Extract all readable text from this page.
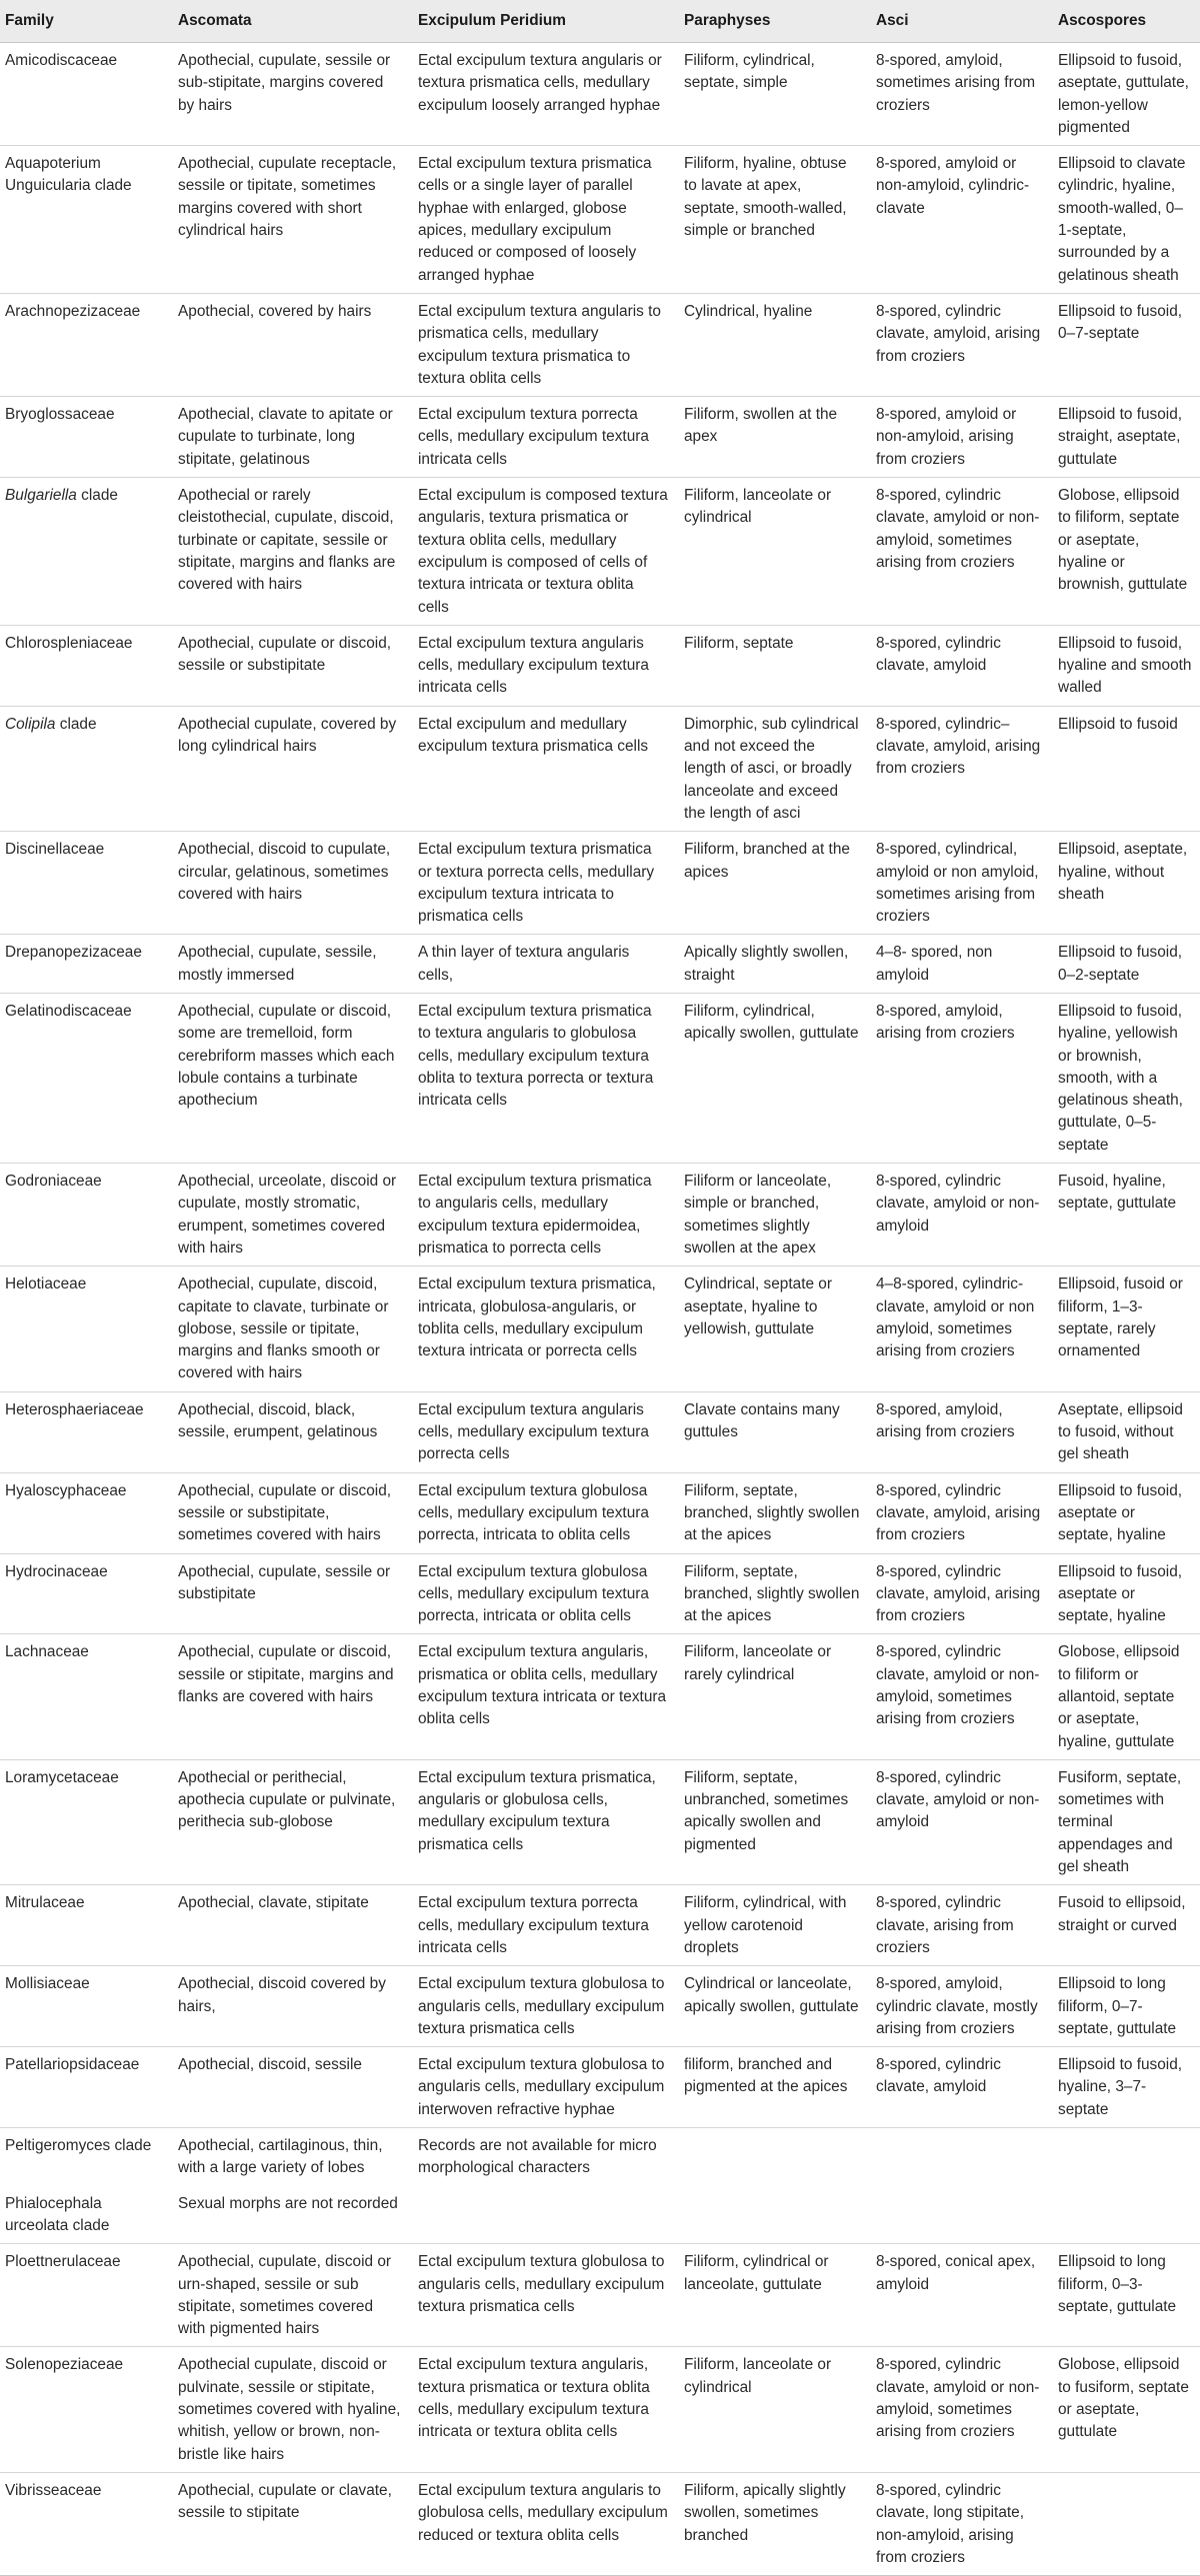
Family	Ascomata	Excipulum Peridium	Paraphyses	Asci	Ascospores
Amicodiscaceae	Apothecial, cupulate, sessile or sub-stipitate, margins covered by hairs	Ectal excipulum textura angularis or textura prismatica cells, medullary excipulum loosely arranged hyphae	Filiform, cylindrical, septate, simple	8-spored, amyloid, sometimes arising from croziers	Ellipsoid to fusoid, aseptate, guttulate, lemon-yellow pigmented
Aquapoterium Unguicularia clade	Apothecial, cupulate receptacle, sessile or tipitate, sometimes margins covered with short cylindrical hairs	Ectal excipulum textura prismatica cells or a single layer of parallel hyphae with enlarged, globose apices, medullary excipulum reduced or composed of loosely arranged hyphae	Filiform, hyaline, obtuse to lavate at apex, septate, smooth-walled, simple or branched	8-spored, amyloid or non-amyloid, cylindric-clavate	Ellipsoid to clavate cylindric, hyaline, smooth-walled, 0–1-septate, surrounded by a gelatinous sheath
Arachnopezizaceae	Apothecial, covered by hairs	Ectal excipulum textura angularis to prismatica cells, medullary excipulum textura prismatica to textura oblita cells	Cylindrical, hyaline	8-spored, cylindric clavate, amyloid, arising from croziers	Ellipsoid to fusoid, 0–7-septate
Bryoglossaceae	Apothecial, clavate to apitate or cupulate to turbinate, long stipitate, gelatinous	Ectal excipulum textura porrecta cells, medullary excipulum textura intricata cells	Filiform, swollen at the apex	8-spored, amyloid or non-amyloid, arising from croziers	Ellipsoid to fusoid, straight, aseptate, guttulate
Bulgariella clade	Apothecial or rarely cleistothecial, cupulate, discoid, turbinate or capitate, sessile or stipitate, margins and flanks are covered with hairs	Ectal excipulum is composed textura angularis, textura prismatica or textura oblita cells, medullary excipulum is composed of cells of textura intricata or textura oblita cells	Filiform, lanceolate or cylindrical	8-spored, cylindric clavate, amyloid or non-amyloid, sometimes arising from croziers	Globose, ellipsoid to filiform, septate or aseptate, hyaline or brownish, guttulate
Chlorospleniaceae	Apothecial, cupulate or discoid, sessile or substipitate	Ectal excipulum textura angularis cells, medullary excipulum textura intricata cells	Filiform, septate	8-spored, cylindric clavate, amyloid	Ellipsoid to fusoid, hyaline and smooth walled
Colipila clade	Apothecial cupulate, covered by long cylindrical hairs	Ectal excipulum and medullary excipulum textura prismatica cells	Dimorphic, sub cylindrical and not exceed the length of asci, or broadly lanceolate and exceed the length of asci	8-spored, cylindric–clavate, amyloid, arising from croziers	Ellipsoid to fusoid
Discinellaceae	Apothecial, discoid to cupulate, circular, gelatinous, sometimes covered with hairs	Ectal excipulum textura prismatica or textura porrecta cells, medullary excipulum textura intricata to prismatica cells	Filiform, branched at the apices	8-spored, cylindrical, amyloid or non amyloid, sometimes arising from croziers	Ellipsoid, aseptate, hyaline, without sheath
Drepanopezizaceae	Apothecial, cupulate, sessile, mostly immersed	A thin layer of textura angularis cells,	Apically slightly swollen, straight	4–8- spored, non amyloid	Ellipsoid to fusoid, 0–2-septate
Gelatinodiscaceae	Apothecial, cupulate or discoid, some are tremelloid, form cerebriform masses which each lobule contains a turbinate apothecium	Ectal excipulum textura prismatica to textura angularis to globulosa cells, medullary excipulum textura oblita to textura porrecta or textura intricata cells	Filiform, cylindrical, apically swollen, guttulate	8-spored, amyloid, arising from croziers	Ellipsoid to fusoid, hyaline, yellowish or brownish, smooth, with a gelatinous sheath, guttulate, 0–5-septate
Godroniaceae	Apothecial, urceolate, discoid or cupulate, mostly stromatic, erumpent, sometimes covered with hairs	Ectal excipulum textura prismatica to angularis cells, medullary excipulum textura epidermoidea, prismatica to porrecta cells	Filiform or lanceolate, simple or branched, sometimes slightly swollen at the apex	8-spored, cylindric clavate, amyloid or non-amyloid	Fusoid, hyaline, septate, guttulate
Helotiaceae	Apothecial, cupulate, discoid, capitate to clavate, turbinate or globose, sessile or tipitate, margins and flanks smooth or covered with hairs	Ectal excipulum textura prismatica, intricata, globulosa-angularis, or toblita cells, medullary excipulum textura intricata or porrecta cells	Cylindrical, septate or aseptate, hyaline to yellowish, guttulate	4–8-spored, cylindric-clavate, amyloid or non amyloid, sometimes arising from croziers	Ellipsoid, fusoid or filiform, 1–3-septate, rarely ornamented
Heterosphaeriaceae	Apothecial, discoid, black, sessile, erumpent, gelatinous	Ectal excipulum textura angularis cells, medullary excipulum textura porrecta cells	Clavate contains many guttules	8-spored, amyloid, arising from croziers	Aseptate, ellipsoid to fusoid, without gel sheath
Hyaloscyphaceae	Apothecial, cupulate or discoid, sessile or substipitate, sometimes covered with hairs	Ectal excipulum textura globulosa cells, medullary excipulum textura porrecta, intricata to oblita cells	Filiform, septate, branched, slightly swollen at the apices	8-spored, cylindric clavate, amyloid, arising from croziers	Ellipsoid to fusoid, aseptate or septate, hyaline
Hydrocinaceae	Apothecial, cupulate, sessile or substipitate	Ectal excipulum textura globulosa cells, medullary excipulum textura porrecta, intricata or oblita cells	Filiform, septate, branched, slightly swollen at the apices	8-spored, cylindric clavate, amyloid, arising from croziers	Ellipsoid to fusoid, aseptate or septate, hyaline
Lachnaceae	Apothecial, cupulate or discoid, sessile or stipitate, margins and flanks are covered with hairs	Ectal excipulum textura angularis, prismatica or oblita cells, medullary excipulum textura intricata or textura oblita cells	Filiform, lanceolate or rarely cylindrical	8-spored, cylindric clavate, amyloid or non-amyloid, sometimes arising from croziers	Globose, ellipsoid to filiform or allantoid, septate or aseptate, hyaline, guttulate
Loramycetaceae	Apothecial or perithecial, apothecia cupulate or pulvinate, perithecia sub-globose	Ectal excipulum textura prismatica, angularis or globulosa cells, medullary excipulum textura prismatica cells	Filiform, septate, unbranched, sometimes apically swollen and pigmented	8-spored, cylindric clavate, amyloid or non-amyloid	Fusiform, septate, sometimes with terminal appendages and gel sheath
Mitrulaceae	Apothecial, clavate, stipitate	Ectal excipulum textura porrecta cells, medullary excipulum textura intricata cells	Filiform, cylindrical, with yellow carotenoid droplets	8-spored, cylindric clavate, arising from croziers	Fusoid to ellipsoid, straight or curved
Mollisiaceae	Apothecial, discoid covered by hairs,	Ectal excipulum textura globulosa to angularis cells, medullary excipulum textura prismatica cells	Cylindrical or lanceolate, apically swollen, guttulate	8-spored, amyloid, cylindric clavate, mostly arising from croziers	Ellipsoid to long filiform, 0–7-septate, guttulate
Patellariopsidaceae	Apothecial, discoid, sessile	Ectal excipulum textura globulosa to angularis cells, medullary excipulum interwoven refractive hyphae	filiform, branched and pigmented at the apices	8-spored, cylindric clavate, amyloid	Ellipsoid to fusoid, hyaline, 3–7-septate
Peltigeromyces clade	Apothecial, cartilaginous, thin, with a large variety of lobes	Records are not available for micro morphological characters			
Phialocephala urceolata clade	Sexual morphs are not recorded				
Ploettnerulaceae	Apothecial, cupulate, discoid or urn-shaped, sessile or sub stipitate, sometimes covered with pigmented hairs	Ectal excipulum textura globulosa to angularis cells, medullary excipulum textura prismatica cells	Filiform, cylindrical or lanceolate, guttulate	8-spored, conical apex, amyloid	Ellipsoid to long filiform, 0–3-septate, guttulate
Solenopeziaceae	Apothecial cupulate, discoid or pulvinate, sessile or stipitate, sometimes covered with hyaline, whitish, yellow or brown, non-bristle like hairs	Ectal excipulum textura angularis, textura prismatica or textura oblita cells, medullary excipulum textura intricata or textura oblita cells	Filiform, lanceolate or cylindrical	8-spored, cylindric clavate, amyloid or non-amyloid, sometimes arising from croziers	Globose, ellipsoid to fusiform, septate or aseptate, guttulate
Vibrisseaceae	Apothecial, cupulate or clavate, sessile to stipitate	Ectal excipulum textura angularis to globulosa cells, medullary excipulum reduced or textura oblita cells	Filiform, apically slightly swollen, sometimes branched	8-spored, cylindric clavate, long stipitate, non-amyloid, arising from croziers	
